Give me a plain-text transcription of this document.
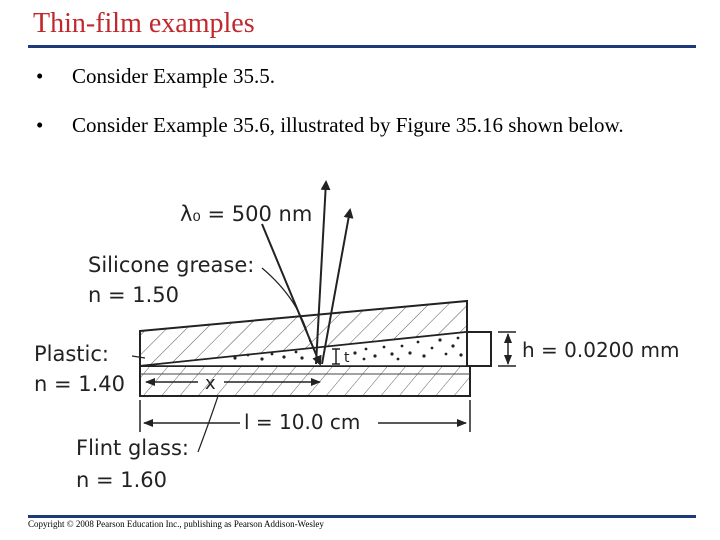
Thin-film examples
• Consider Example 35.5.
• Consider Example 35.6, illustrated by Figure 35.16 shown below.
λ₀ = 500 nm
Silicone grease:
n = 1.50
Plastic:
n = 1.40
Flint glass:
n = 1.60
h = 0.0200 mm
l = 10.0 cm
x
t
Copyright © 2008 Pearson Education Inc., publishing as Pearson Addison-Wesley
